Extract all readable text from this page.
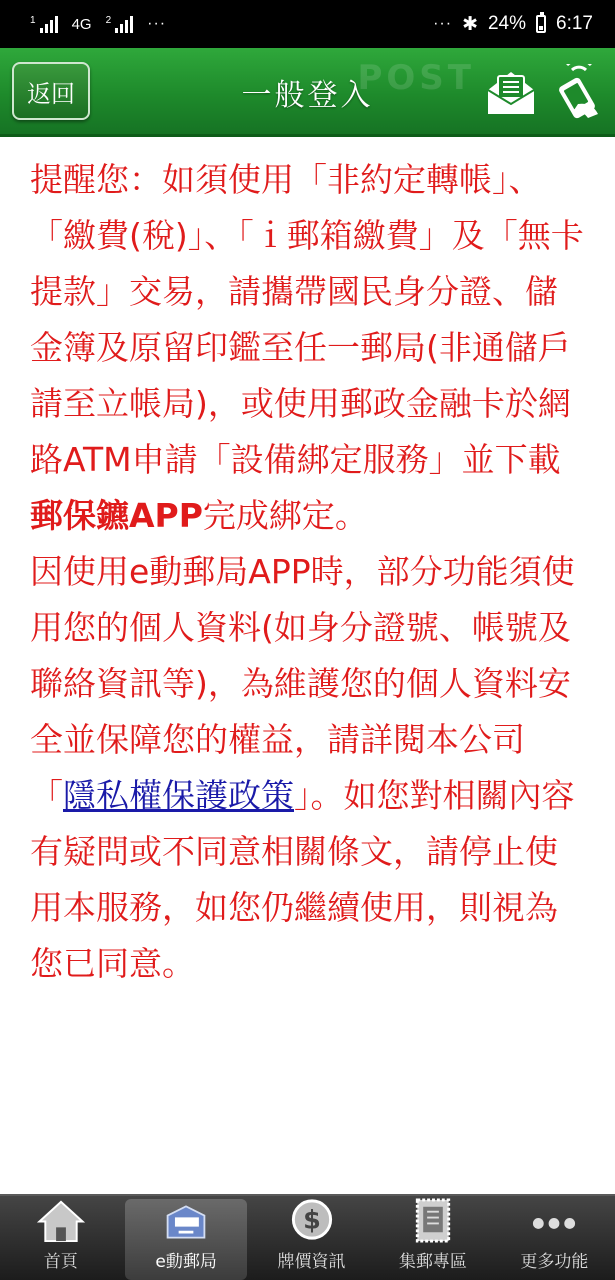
1 4G 2 ···	··· ✱ 24% 6:17
POST
返回	一般登入

提醒您：如須使用「非約定轉帳」、「繳費(稅)」、「ｉ郵箱繳費」及「無卡提款」交易，請攜帶國民身分證、儲金簿及原留印鑑至任一郵局(非通儲戶請至立帳局)，或使用郵政金融卡於網路ATM申請「設備綁定服務」並下載郵保鑣APP完成綁定。

因使用e動郵局APP時，部分功能須使用您的個人資料(如身分證號、帳號及聯絡資訊等)，為維護您的個人資料安全並保障您的權益，請詳閱本公司「隱私權保護政策」。如您對相關內容有疑問或不同意相關條文，請停止使用本服務，如您仍繼續使用，則視為您已同意。

首頁	e動郵局
$
牌價資訊	集郵專區	更多功能
